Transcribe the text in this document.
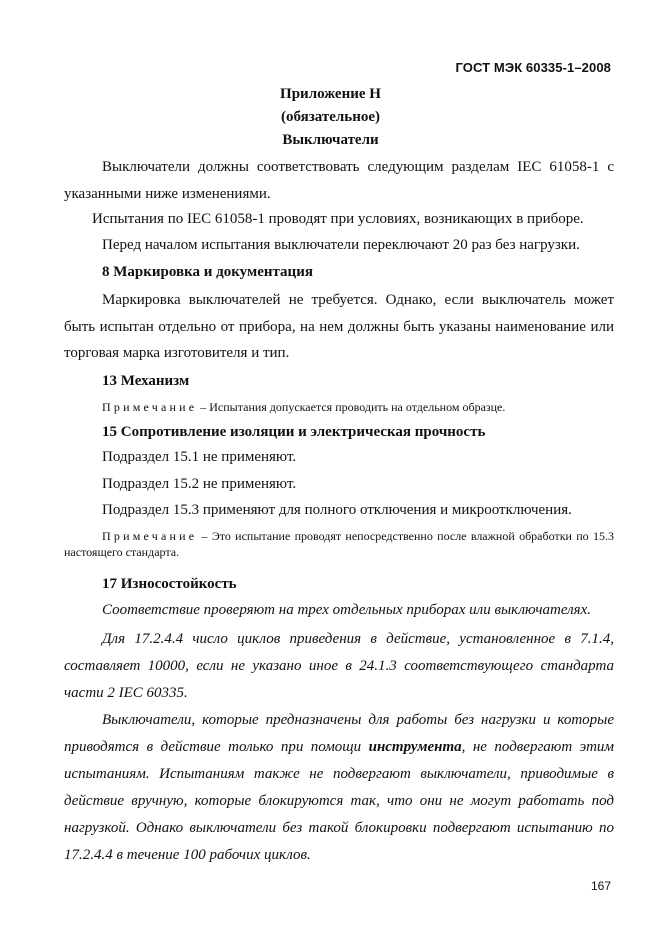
ГОСТ МЭК 60335-1–2008
Приложение Н
(обязательное)
Выключатели
Выключатели должны соответствовать следующим разделам IEC 61058-1 с указанными ниже изменениями.
Испытания по IEC 61058-1 проводят при условиях, возникающих в приборе.
Перед началом испытания выключатели переключают 20 раз без нагрузки.
8 Маркировка и документация
Маркировка выключателей не требуется. Однако, если выключатель может быть испытан отдельно от прибора, на нем должны быть указаны наименование или торговая марка изготовителя и тип.
13 Механизм
Примечание – Испытания допускается проводить на отдельном образце.
15 Сопротивление изоляции и электрическая прочность
Подраздел 15.1 не применяют.
Подраздел 15.2 не применяют.
Подраздел 15.3 применяют для полного отключения и микроотключения.
Примечание – Это испытание проводят непосредственно после влажной обработки по 15.3 настоящего стандарта.
17 Износостойкость
Соответствие проверяют на трех отдельных приборах или выключателях.
Для 17.2.4.4 число циклов приведения в действие, установленное в 7.1.4, составляет 10000, если не указано иное в 24.1.3 соответствующего стандарта части 2 IEC 60335.
Выключатели, которые предназначены для работы без нагрузки и которые приводятся в действие только при помощи инструмента, не подвергают этим испытаниям. Испытаниям также не подвергают выключатели, приводимые в действие вручную, которые блокируются так, что они не могут работать под нагрузкой. Однако выключатели без такой блокировки подвергают испытанию по 17.2.4.4 в течение 100 рабочих циклов.
167
